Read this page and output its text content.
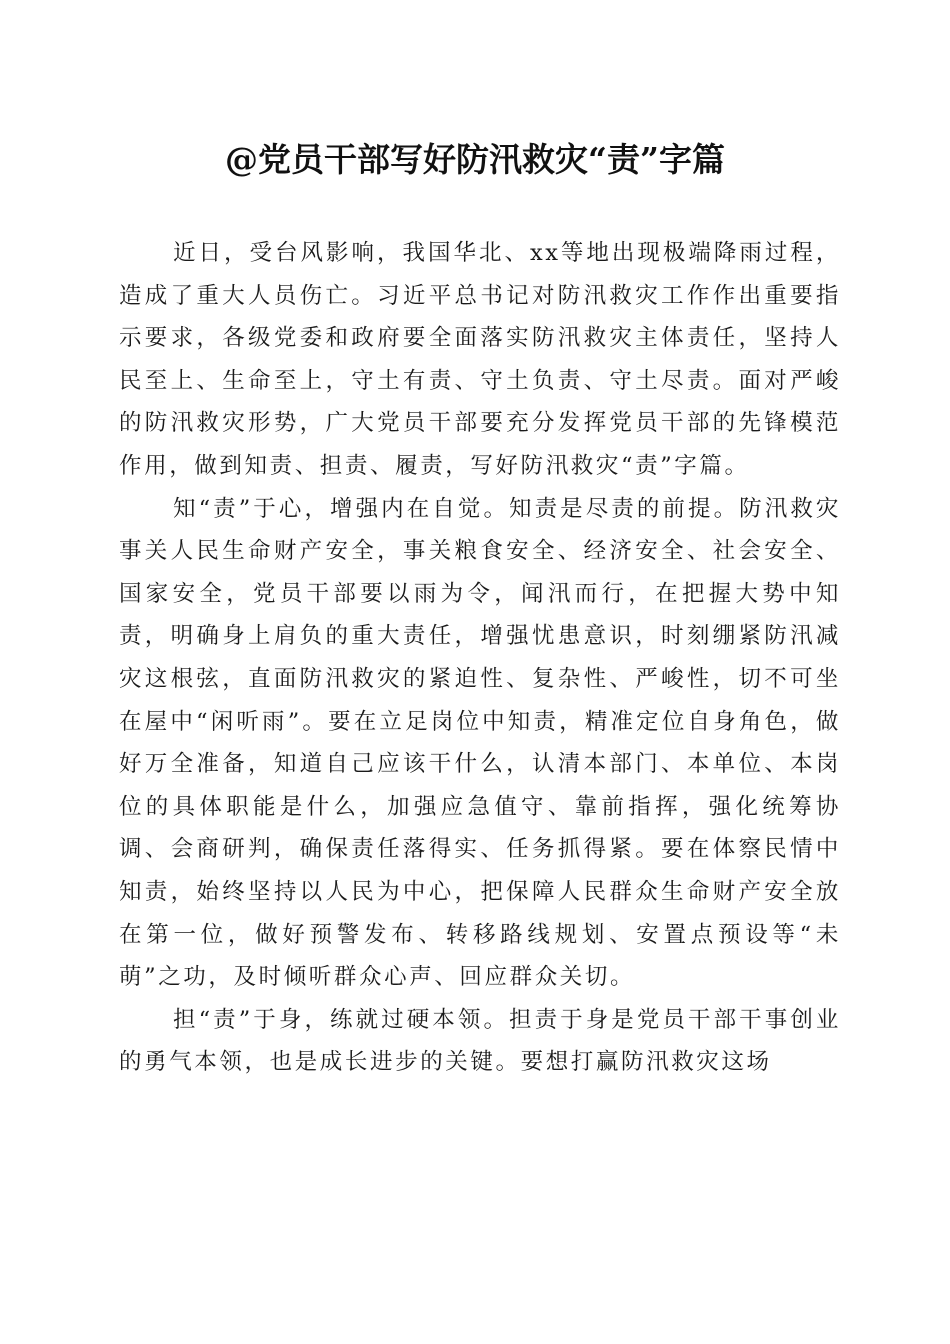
@党员干部写好防汛救灾“责”字篇

近日，受台风影响，我国华北、xx等地出现极端降雨过程，造成了重大人员伤亡。习近平总书记对防汛救灾工作作出重要指示要求，各级党委和政府要全面落实防汛救灾主体责任，坚持人民至上、生命至上，守土有责、守土负责、守土尽责。面对严峻的防汛救灾形势，广大党员干部要充分发挥党员干部的先锋模范作用，做到知责、担责、履责，写好防汛救灾“责”字篇。

知“责”于心，增强内在自觉。知责是尽责的前提。防汛救灾事关人民生命财产安全，事关粮食安全、经济安全、社会安全、国家安全，党员干部要以雨为令，闻汛而行，在把握大势中知责，明确身上肩负的重大责任，增强忧患意识，时刻绷紧防汛减灾这根弦，直面防汛救灾的紧迫性、复杂性、严峻性，切不可坐在屋中“闲听雨”。要在立足岗位中知责，精准定位自身角色，做好万全准备，知道自己应该干什么，认清本部门、本单位、本岗位的具体职能是什么，加强应急值守、靠前指挥，强化统筹协调、会商研判，确保责任落得实、任务抓得紧。要在体察民情中知责，始终坚持以人民为中心，把保障人民群众生命财产安全放在第一位，做好预警发布、转移路线规划、安置点预设等“未萌”之功，及时倾听群众心声、回应群众关切。

担“责”于身，练就过硬本领。担责于身是党员干部干事创业的勇气本领，也是成长进步的关键。要想打赢防汛救灾这场
